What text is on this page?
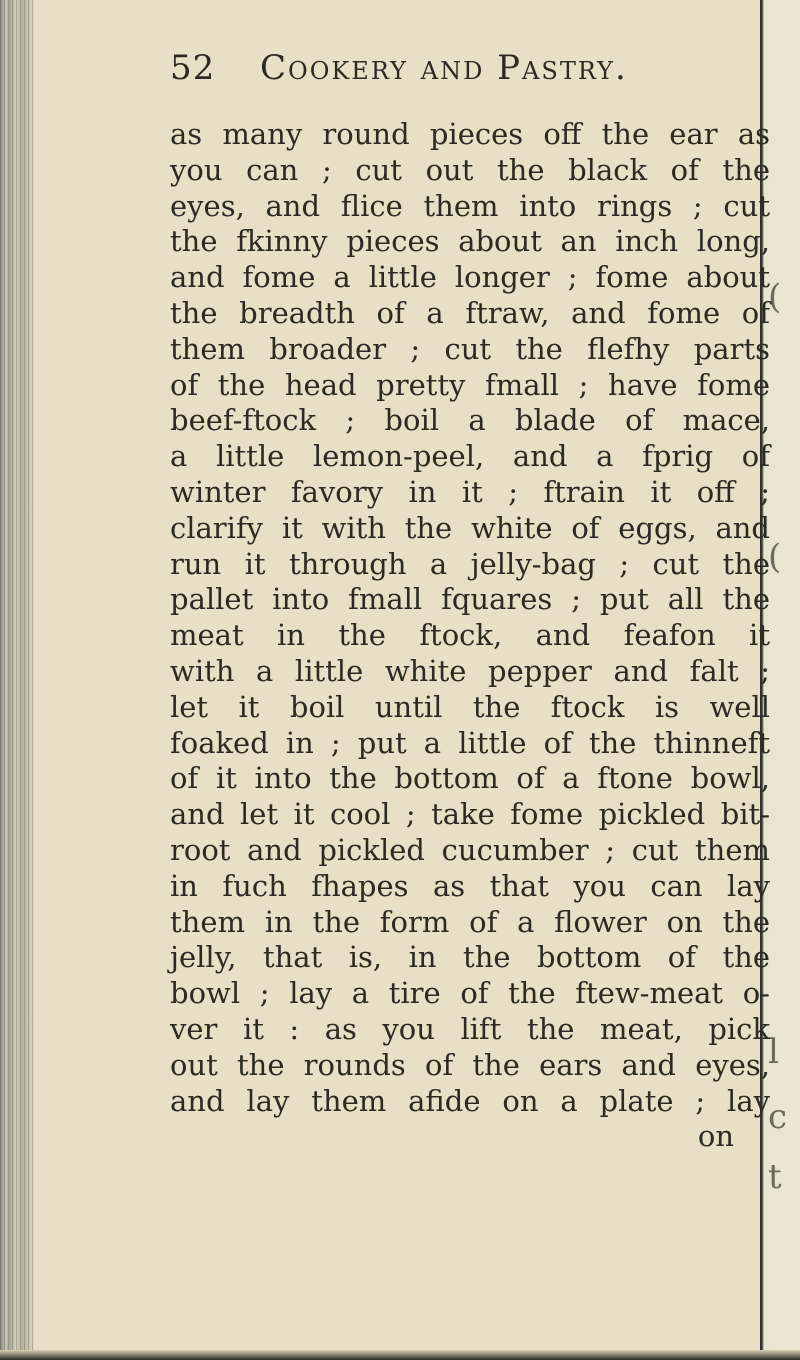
(
(
l
c
t
52 Cookery and Pastry.
as many round pieces off the ear as
you can ; cut out the black of the
eyes, and flice them into rings ; cut
the fkinny pieces about an inch long,
and fome a little longer ; fome about
the breadth of a ftraw, and fome of
them broader ; cut the flefhy parts
of the head pretty fmall ; have fome
beef-ftock ; boil a blade of mace,
a little lemon-peel, and a fprig of
winter favory in it ; ftrain it off ;
clarify it with the white of eggs, and
run it through a jelly-bag ; cut the
pallet into fmall fquares ; put all the
meat in the ftock, and feafon it
with a little white pepper and falt ;
let it boil until the ftock is well
foaked in ; put a little of the thinneft
of it into the bottom of a ftone bowl,
and let it cool ; take fome pickled bit-
root and pickled cucumber ; cut them
in fuch fhapes as that you can lay
them in the form of a flower on the
jelly, that is, in the bottom of the
bowl ; lay a tire of the ftew-meat o-
ver it : as you lift the meat, pick
out the rounds of the ears and eyes,
and lay them afide on a plate ; lay
on
